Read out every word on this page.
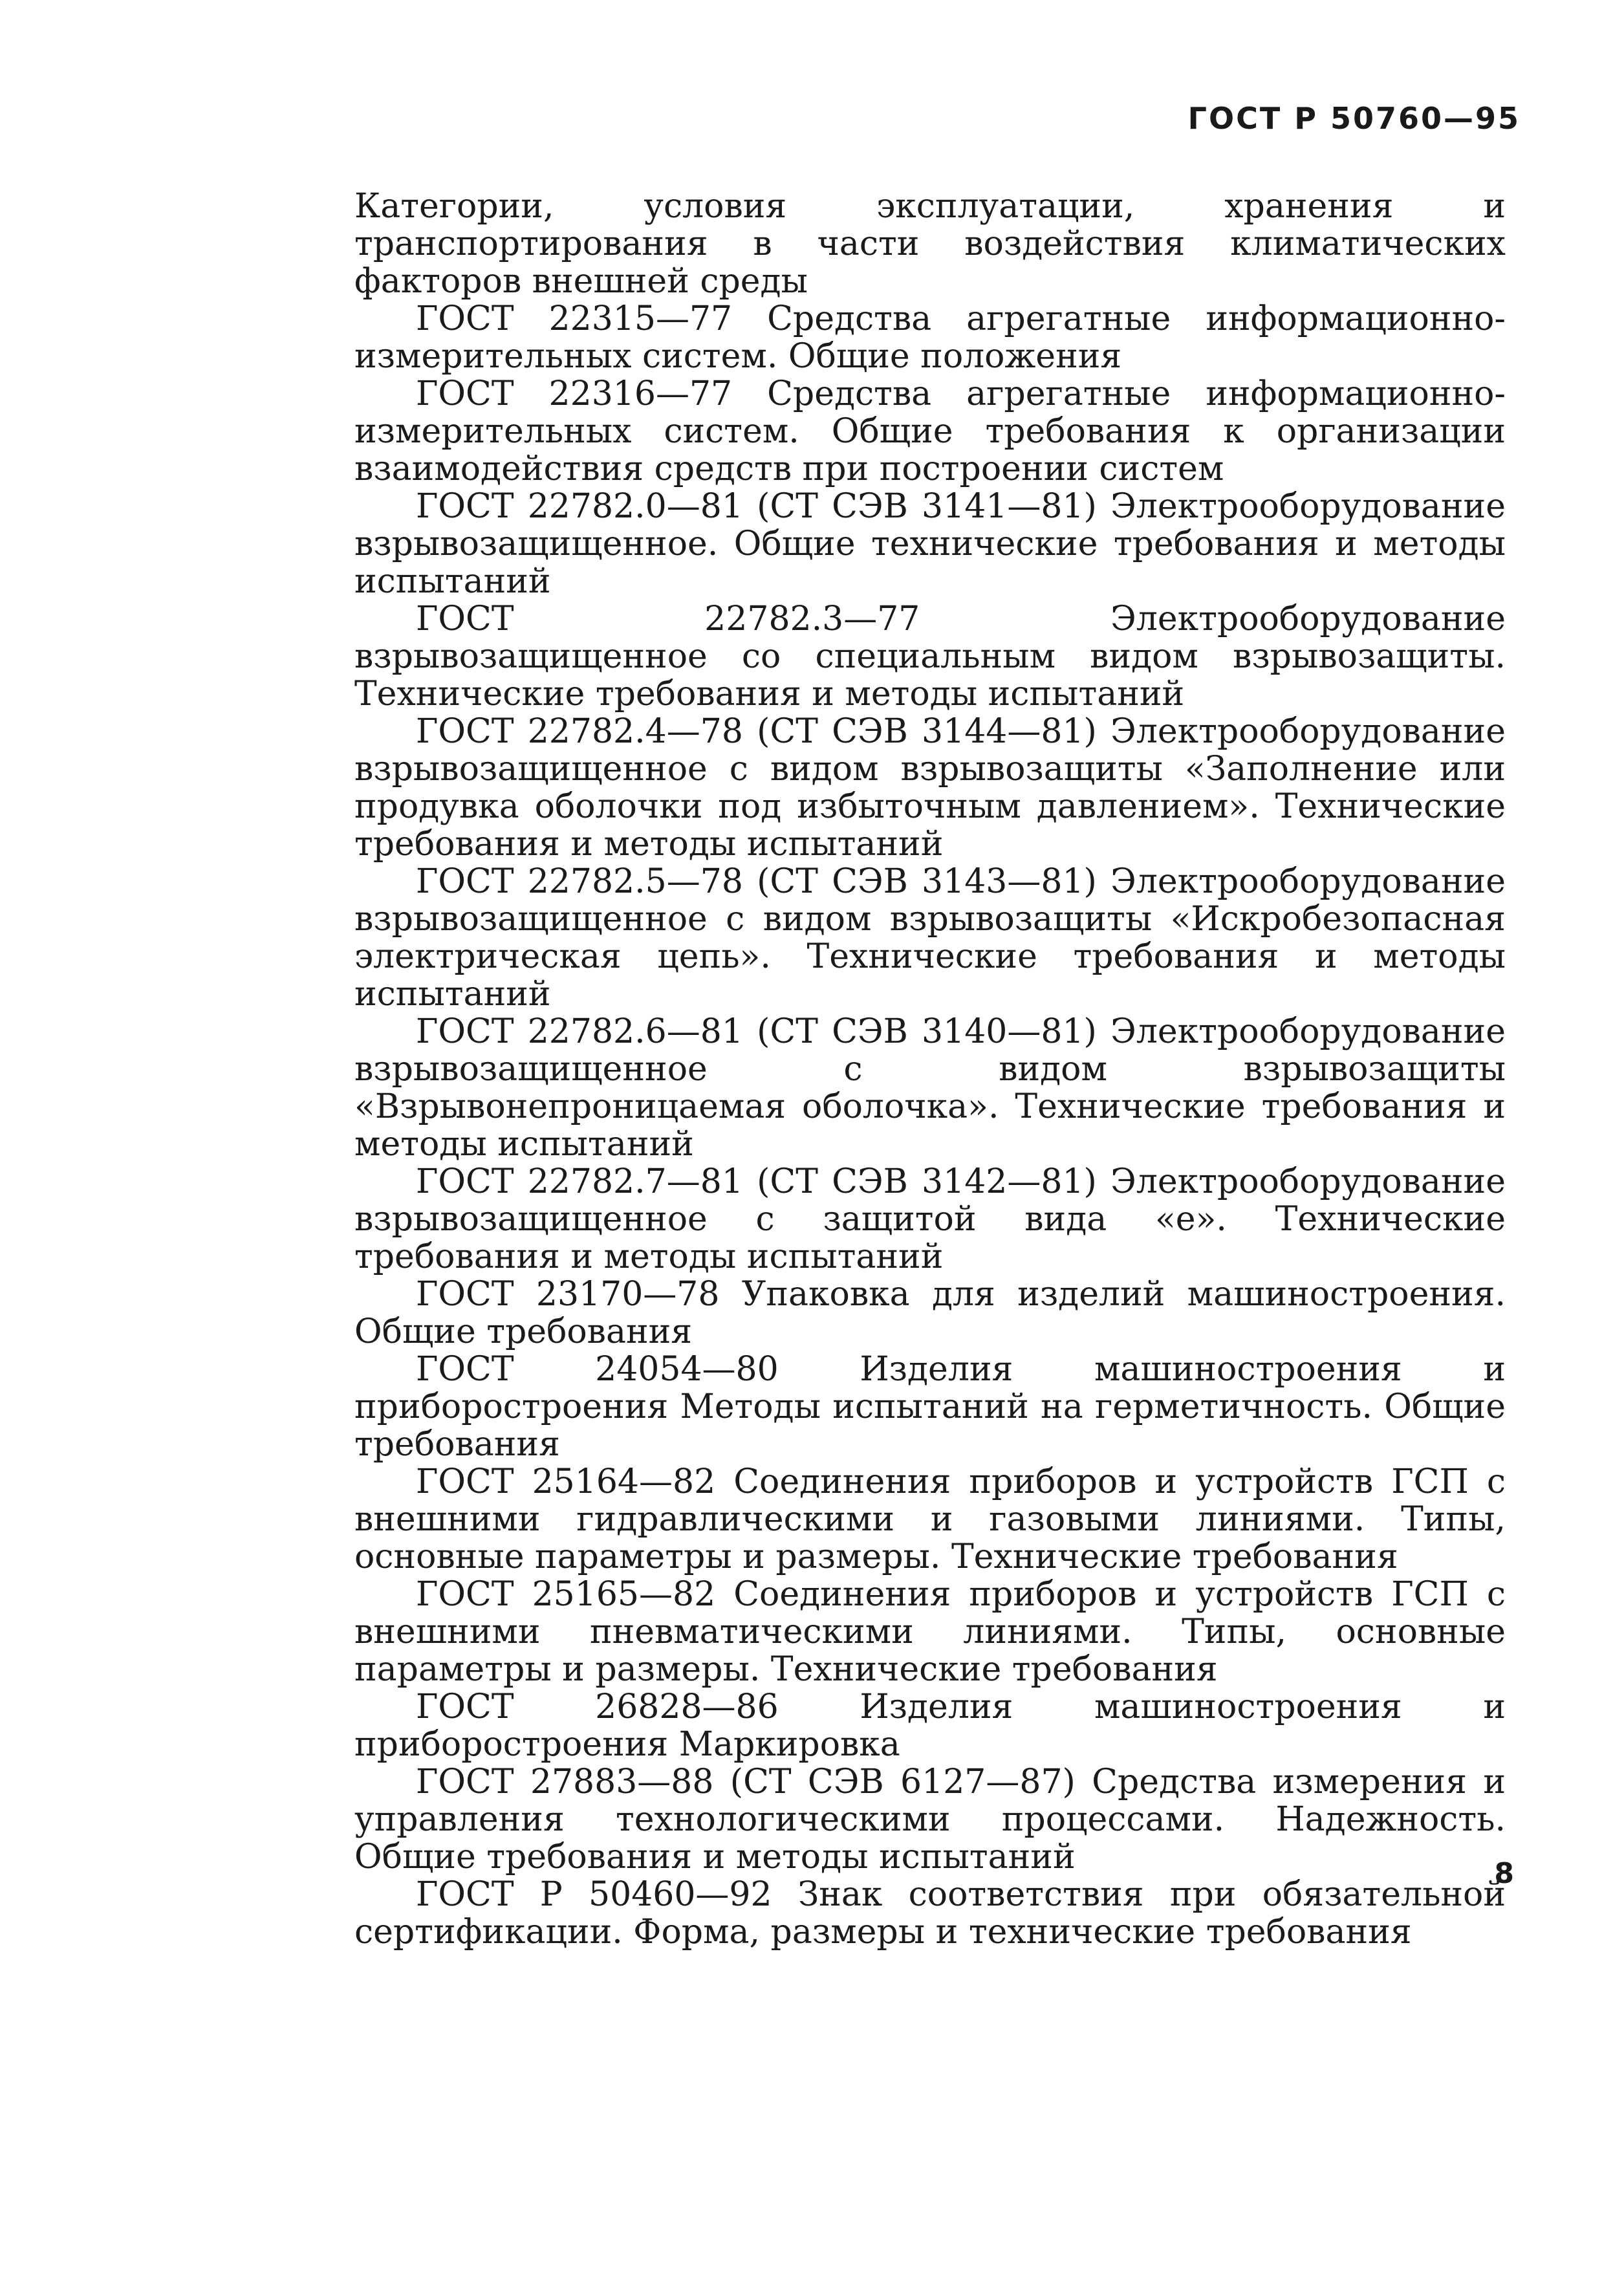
ГОСТ Р 50760—95

Категории, условия эксплуатации, хранения и транспортирования в части воздействия климатических факторов внешней среды

ГОСТ 22315—77 Средства агрегатные информационно-измерительных систем. Общие положения

ГОСТ 22316—77 Средства агрегатные информационно-измерительных систем. Общие требования к организации взаимодействия средств при построении систем

ГОСТ 22782.0—81 (СТ СЭВ 3141—81) Электрооборудование взрывозащищенное. Общие технические требования и методы испытаний

ГОСТ 22782.3—77 Электрооборудование взрывозащищенное со специальным видом взрывозащиты. Технические требования и методы испытаний

ГОСТ 22782.4—78 (СТ СЭВ 3144—81) Электрооборудование взрывозащищенное с видом взрывозащиты «Заполнение или продувка оболочки под избыточным давлением». Технические требования и методы испытаний

ГОСТ 22782.5—78 (СТ СЭВ 3143—81) Электрооборудование взрывозащищенное с видом взрывозащиты «Искробезопасная электрическая цепь». Технические требования и методы испытаний

ГОСТ 22782.6—81 (СТ СЭВ 3140—81) Электрооборудование взрывозащищенное с видом взрывозащиты «Взрывонепроницаемая оболочка». Технические требования и методы испытаний

ГОСТ 22782.7—81 (СТ СЭВ 3142—81) Электрооборудование взрывозащищенное с защитой вида «е». Технические требования и методы испытаний

ГОСТ 23170—78 Упаковка для изделий машиностроения. Общие требования

ГОСТ 24054—80 Изделия машиностроения и приборостроения Методы испытаний на герметичность. Общие требования

ГОСТ 25164—82 Соединения приборов и устройств ГСП с внешними гидравлическими и газовыми линиями. Типы, основные параметры и размеры. Технические требования

ГОСТ 25165—82 Соединения приборов и устройств ГСП с внешними пневматическими линиями. Типы, основные параметры и размеры. Технические требования

ГОСТ 26828—86 Изделия машиностроения и приборостроения Маркировка

ГОСТ 27883—88 (СТ СЭВ 6127—87) Средства измерения и управления технологическими процессами. Надежность. Общие требования и методы испытаний

ГОСТ Р 50460—92 Знак соответствия при обязательной сертификации. Форма, размеры и технические требования

8
